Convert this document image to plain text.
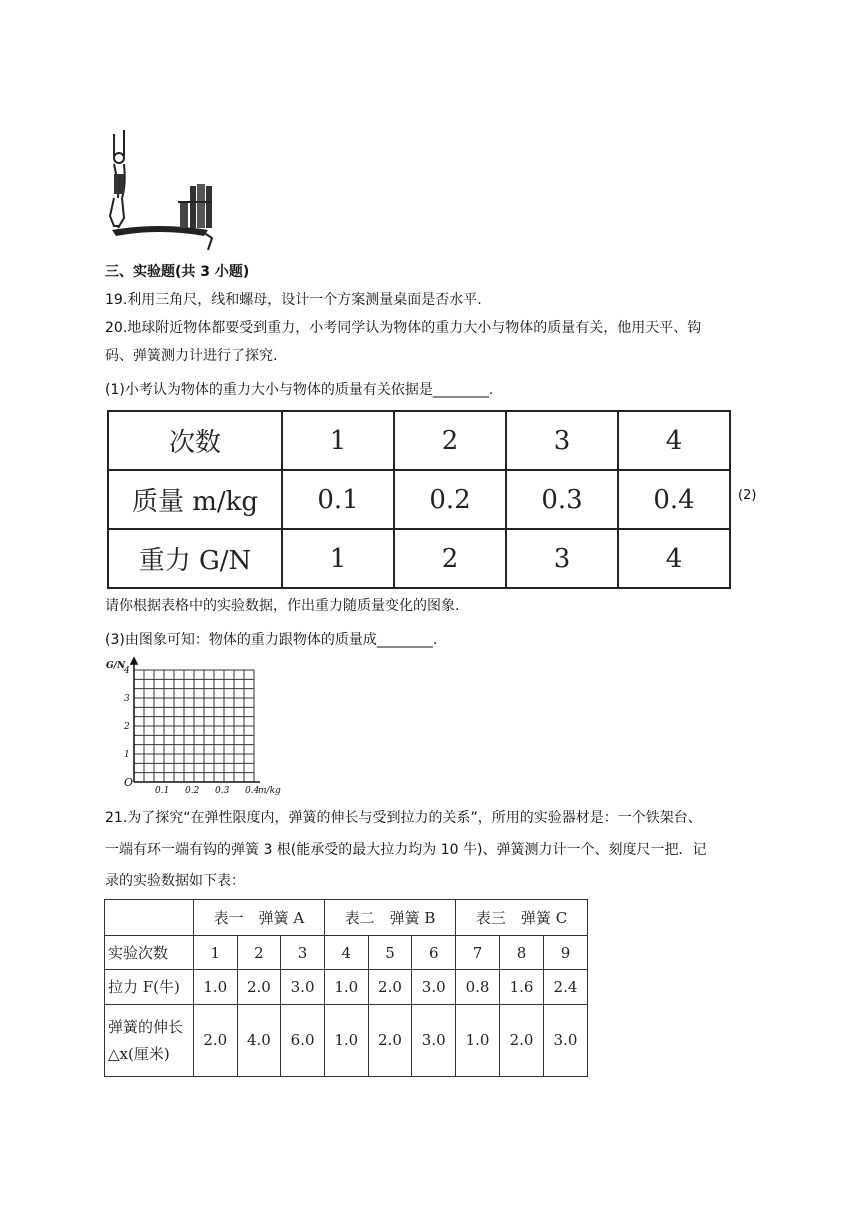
三、实验题(共 3 小题)
19.利用三角尺，线和螺母，设计一个方案测量桌面是否水平.
20.地球附近物体都要受到重力，小考同学认为物体的重力大小与物体的质量有关，他用天平、钩
码、弹簧测力计进行了探究.
(1)小考认为物体的重力大小与物体的质量有关依据是________.
次数	1	2	3	4
质量 m/kg	0.1	0.2	0.3	0.4
重力 G/N	1	2	3	4
(2)
请你根据表格中的实验数据，作出重力随质量变化的图象.
(3)由图象可知：物体的重力跟物体的质量成________.
1
2
3
4
0.1 0.2 0.3 0.4
O
G/N
m/kg
21.为了探究“在弹性限度内，弹簧的伸长与受到拉力的关系”，所用的实验器材是：一个铁架台、
一端有环一端有钩的弹簧 3 根(能承受的最大拉力均为 10 牛)、弹簧测力计一个、刻度尺一把．记
录的实验数据如下表：
	表一　弹簧 A			表二　弹簧 B			表三　弹簧 C		
实验次数	1	2	3	4	5	6	7	8	9
拉力 F(牛)	1.0	2.0	3.0	1.0	2.0	3.0	0.8	1.6	2.4

弹簧的伸长
△x(厘米)	2.0	4.0	6.0	1.0	2.0	3.0	1.0	2.0	3.0
